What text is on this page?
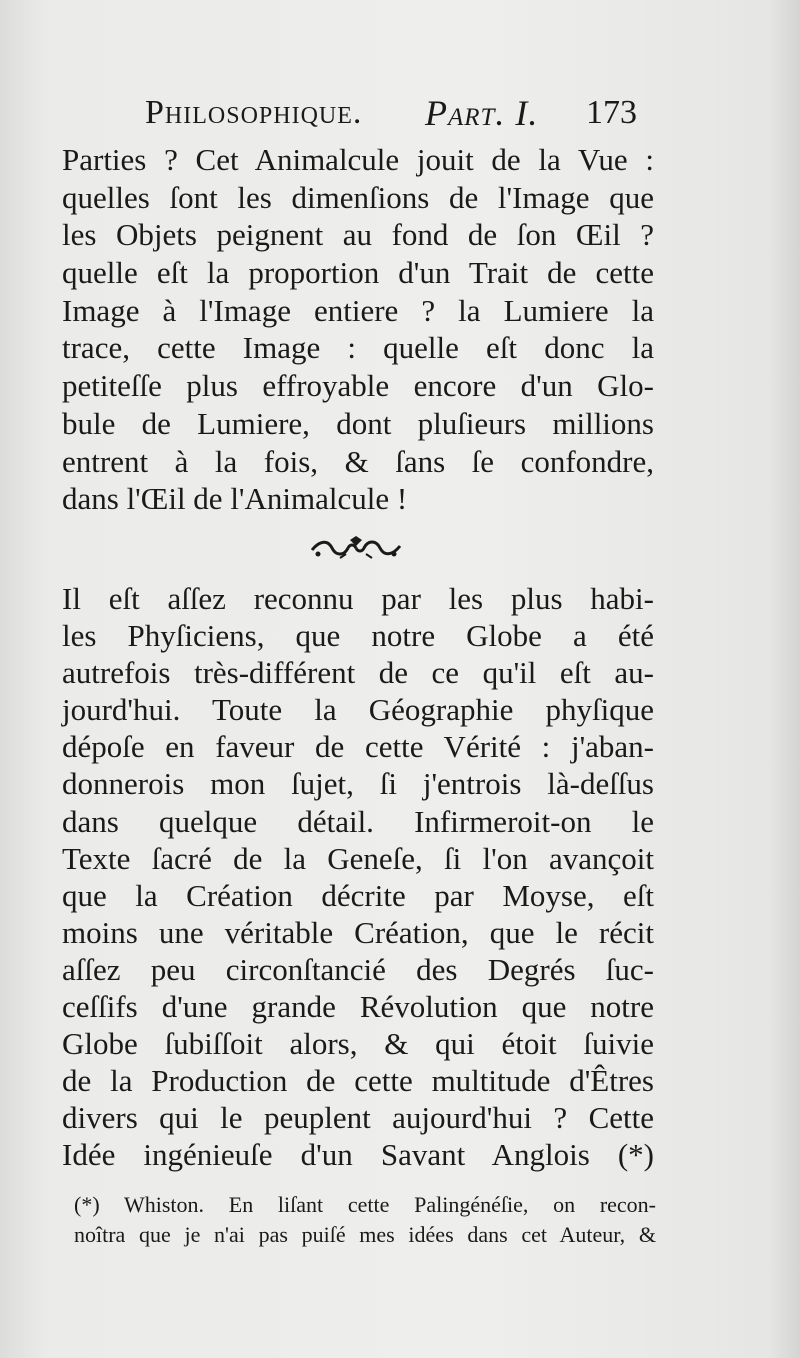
Philosophique. Part. I. 173
Parties ? Cet Animalcule jouit de la Vue :
quelles ſont les dimenſions de l'Image que
les Objets peignent au fond de ſon Œil ?
quelle eſt la proportion d'un Trait de cette
Image à l'Image entiere ? la Lumiere la
trace, cette Image : quelle eſt donc la
petiteſſe plus effroyable encore d'un Glo-
bule de Lumiere, dont pluſieurs millions
entrent à la fois, & ſans ſe confondre,
dans l'Œil de l'Animalcule !
Il eſt aſſez reconnu par les plus habi-
les Phyſiciens, que notre Globe a été
autrefois très-différent de ce qu'il eſt au-
jourd'hui. Toute la Géographie phyſique
dépoſe en faveur de cette Vérité : j'aban-
donnerois mon ſujet, ſi j'entrois là-deſſus
dans quelque détail. Infirmeroit-on le
Texte ſacré de la Geneſe, ſi l'on avançoit
que la Création décrite par Moyse, eſt
moins une véritable Création, que le récit
aſſez peu circonſtancié des Degrés ſuc-
ceſſifs d'une grande Révolution que notre
Globe ſubiſſoit alors, & qui étoit ſuivie
de la Production de cette multitude d'Êtres
divers qui le peuplent aujourd'hui ? Cette
Idée ingénieuſe d'un Savant Anglois (*)
(*) Whiston. En liſant cette Palingénéſie, on recon-
noîtra que je n'ai pas puiſé mes idées dans cet Auteur, &
